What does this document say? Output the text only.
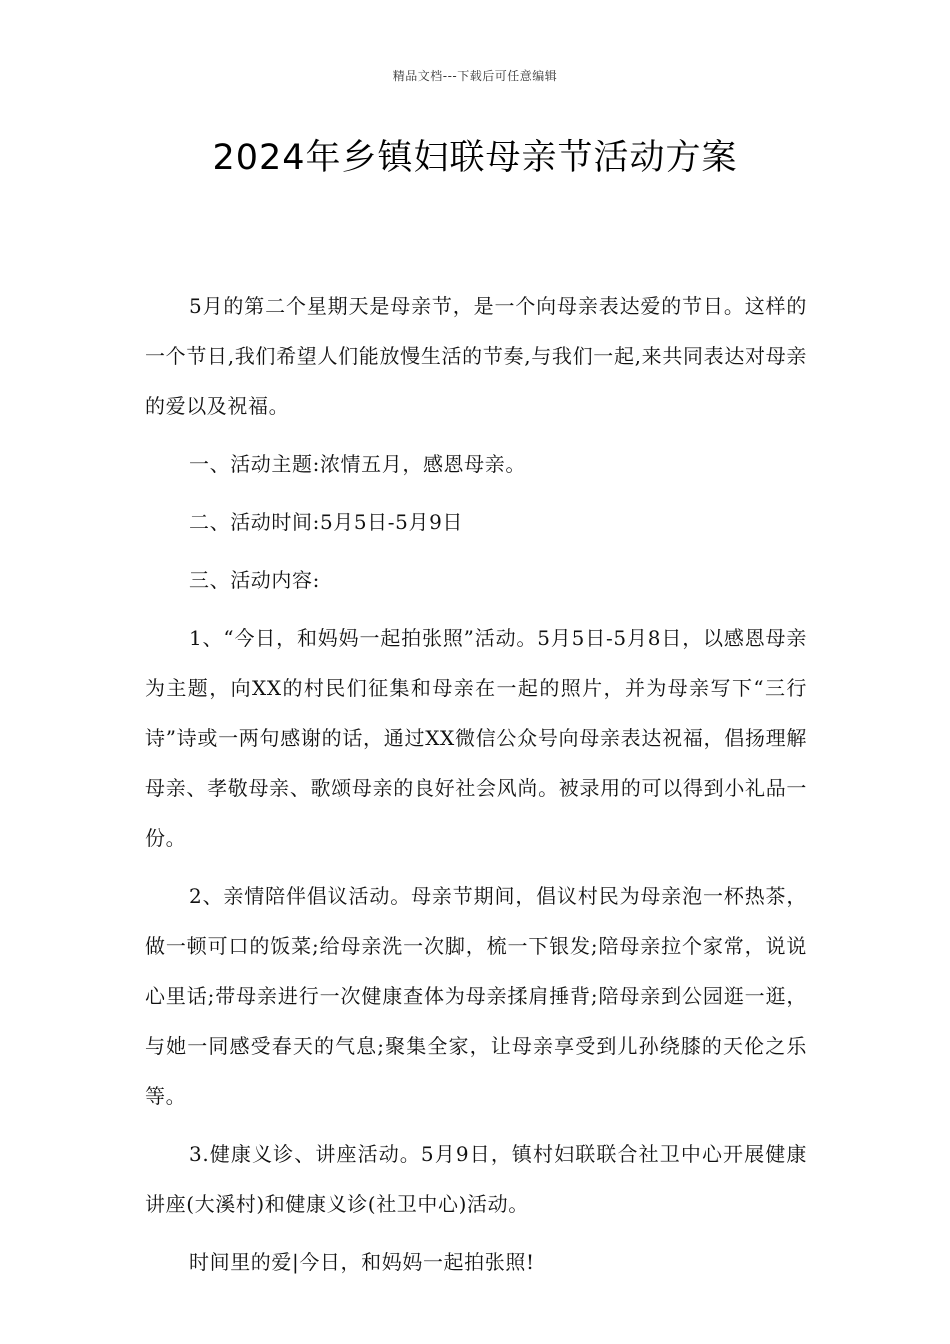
精品文档---下载后可任意编辑
2024年乡镇妇联母亲节活动方案

5月的第二个星期天是母亲节，是一个向母亲表达爱的节日。这样的一个节日,我们希望人们能放慢生活的节奏,与我们一起,来共同表达对母亲的爱以及祝福。

一、活动主题:浓情五月，感恩母亲。

二、活动时间:5月5日-5月9日

三、活动内容:

1、“今日，和妈妈一起拍张照”活动。5月5日-5月8日，以感恩母亲为主题，向XX的村民们征集和母亲在一起的照片，并为母亲写下“三行诗”诗或一两句感谢的话，通过XX微信公众号向母亲表达祝福，倡扬理解母亲、孝敬母亲、歌颂母亲的良好社会风尚。被录用的可以得到小礼品一份。

2、亲情陪伴倡议活动。母亲节期间，倡议村民为母亲泡一杯热茶，做一顿可口的饭菜;给母亲洗一次脚，梳一下银发;陪母亲拉个家常，说说心里话;带母亲进行一次健康查体为母亲揉肩捶背;陪母亲到公园逛一逛，与她一同感受春天的气息;聚集全家，让母亲享受到儿孙绕膝的天伦之乐等。

3.健康义诊、讲座活动。5月9日，镇村妇联联合社卫中心开展健康讲座(大溪村)和健康义诊(社卫中心)活动。

时间里的爱|今日，和妈妈一起拍张照!
